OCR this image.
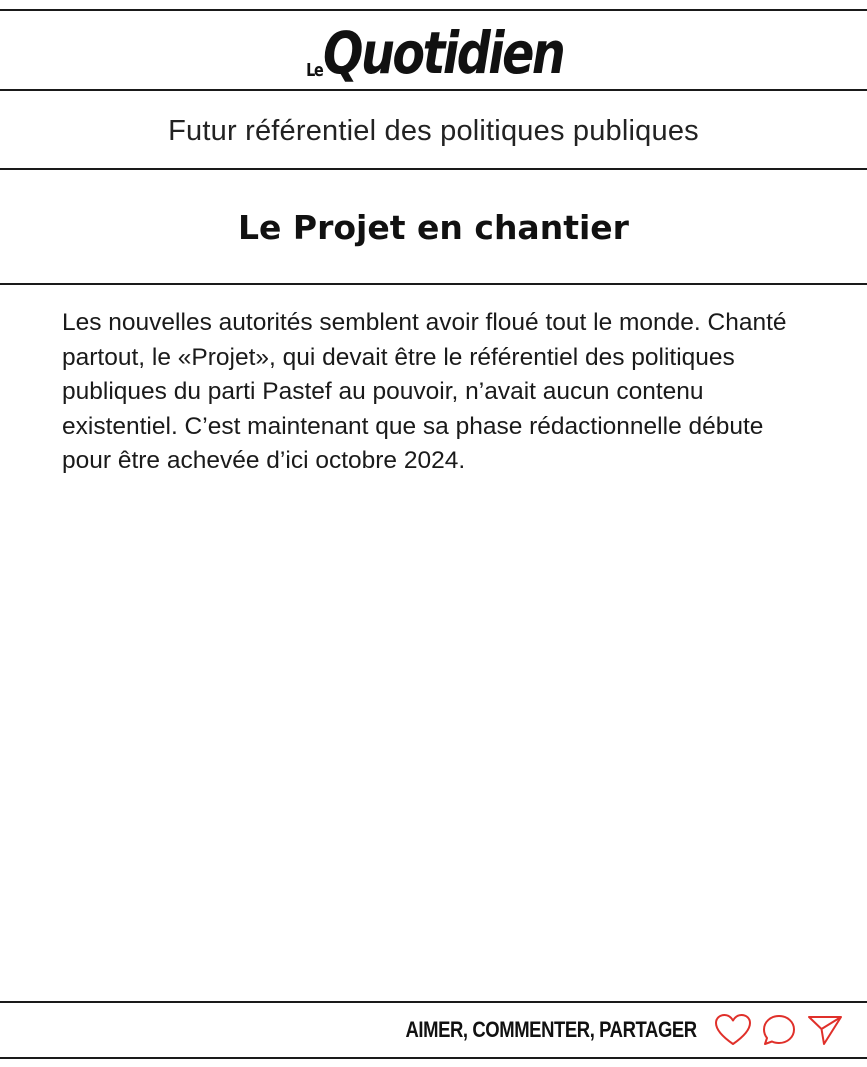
Le Quotidien
Futur référentiel des politiques publiques
Le Projet en chantier
Les nouvelles autorités semblent avoir floué tout le monde. Chanté partout, le «Projet», qui devait être le référentiel des politiques publiques du parti Pastef au pouvoir, n’avait aucun contenu existentiel. C’est maintenant que sa phase rédactionnelle débute pour être achevée d’ici octobre 2024.
AIMER, COMMENTER, PARTAGER
